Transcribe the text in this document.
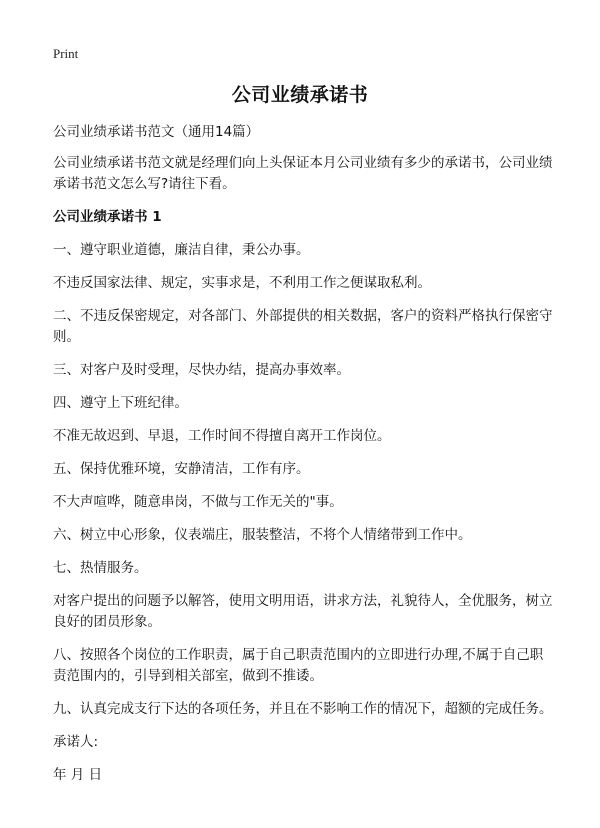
Print
公司业绩承诺书

公司业绩承诺书范文（通用14篇）

公司业绩承诺书范文就是经理们向上头保证本月公司业绩有多少的承诺书，公司业绩承诺书范文怎么写?请往下看。

公司业绩承诺书 1

一、遵守职业道德，廉洁自律，秉公办事。

不违反国家法律、规定，实事求是，不利用工作之便谋取私利。

二、不违反保密规定，对各部门、外部提供的相关数据，客户的资料严格执行保密守则。

三、对客户及时受理，尽快办结，提高办事效率。

四、遵守上下班纪律。

不准无故迟到、早退，工作时间不得擅自离开工作岗位。

五、保持优雅环境，安静清洁，工作有序。

不大声喧哗，随意串岗，不做与工作无关的"事。

六、树立中心形象，仪表端庄，服装整洁，不将个人情绪带到工作中。

七、热情服务。

对客户提出的问题予以解答，使用文明用语，讲求方法，礼貌待人，全优服务，树立良好的团员形象。

八、按照各个岗位的工作职责，属于自己职责范围内的立即进行办理,不属于自己职责范围内的，引导到相关部室，做到不推诿。

九、认真完成支行下达的各项任务，并且在不影响工作的情况下，超额的完成任务。

承诺人:

年 月 日
